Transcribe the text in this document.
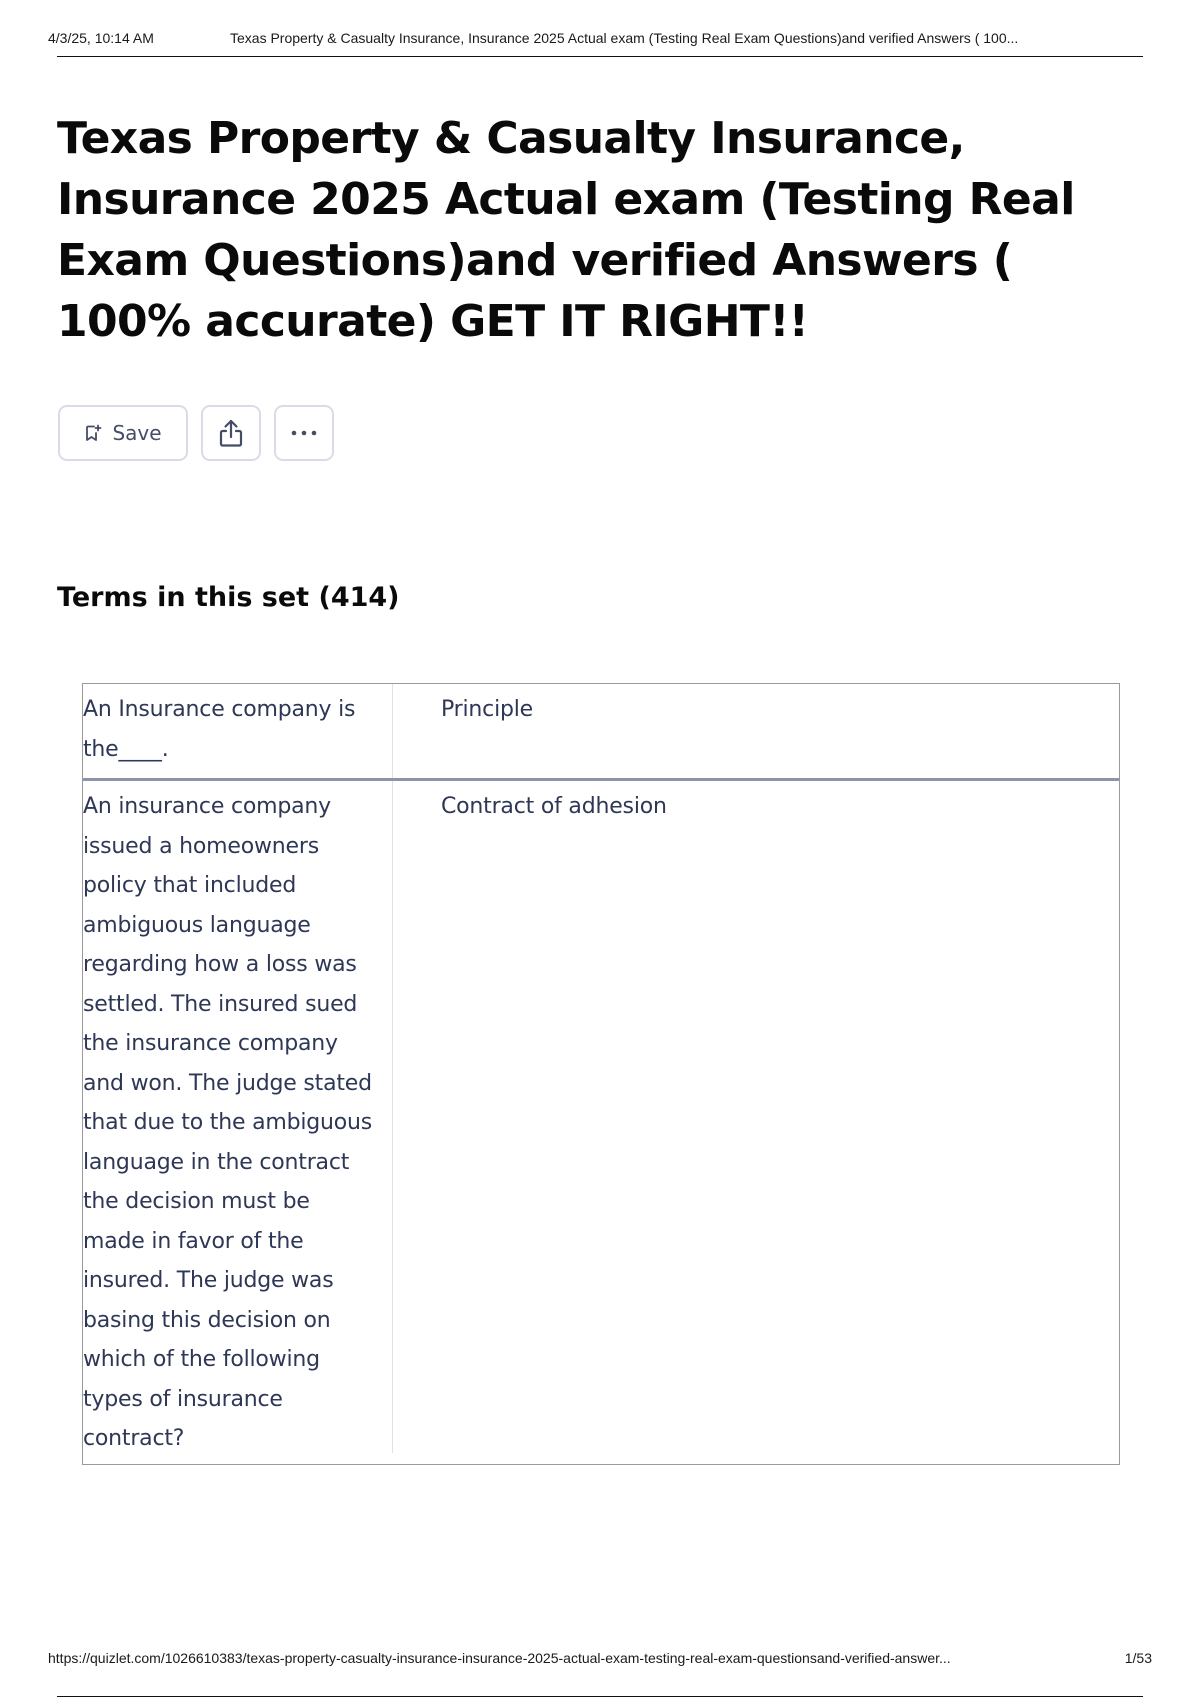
4/3/25, 10:14 AM	Texas Property & Casualty Insurance, Insurance 2025 Actual exam (Testing Real Exam Questions)and verified Answers ( 100...
Texas Property & Casualty Insurance, Insurance 2025 Actual exam (Testing Real Exam Questions)and verified Answers ( 100% accurate) GET IT RIGHT!!
Save
Terms in this set (414)
An Insurance company is the____.
Principle
An insurance company issued a homeowners policy that included ambiguous language regarding how a loss was settled. The insured sued the insurance company and won. The judge stated that due to the ambiguous language in the contract the decision must be made in favor of the insured. The judge was basing this decision on which of the following types of insurance contract?
Contract of adhesion
https://quizlet.com/1026610383/texas-property-casualty-insurance-insurance-2025-actual-exam-testing-real-exam-questionsand-verified-answer...	1/53
